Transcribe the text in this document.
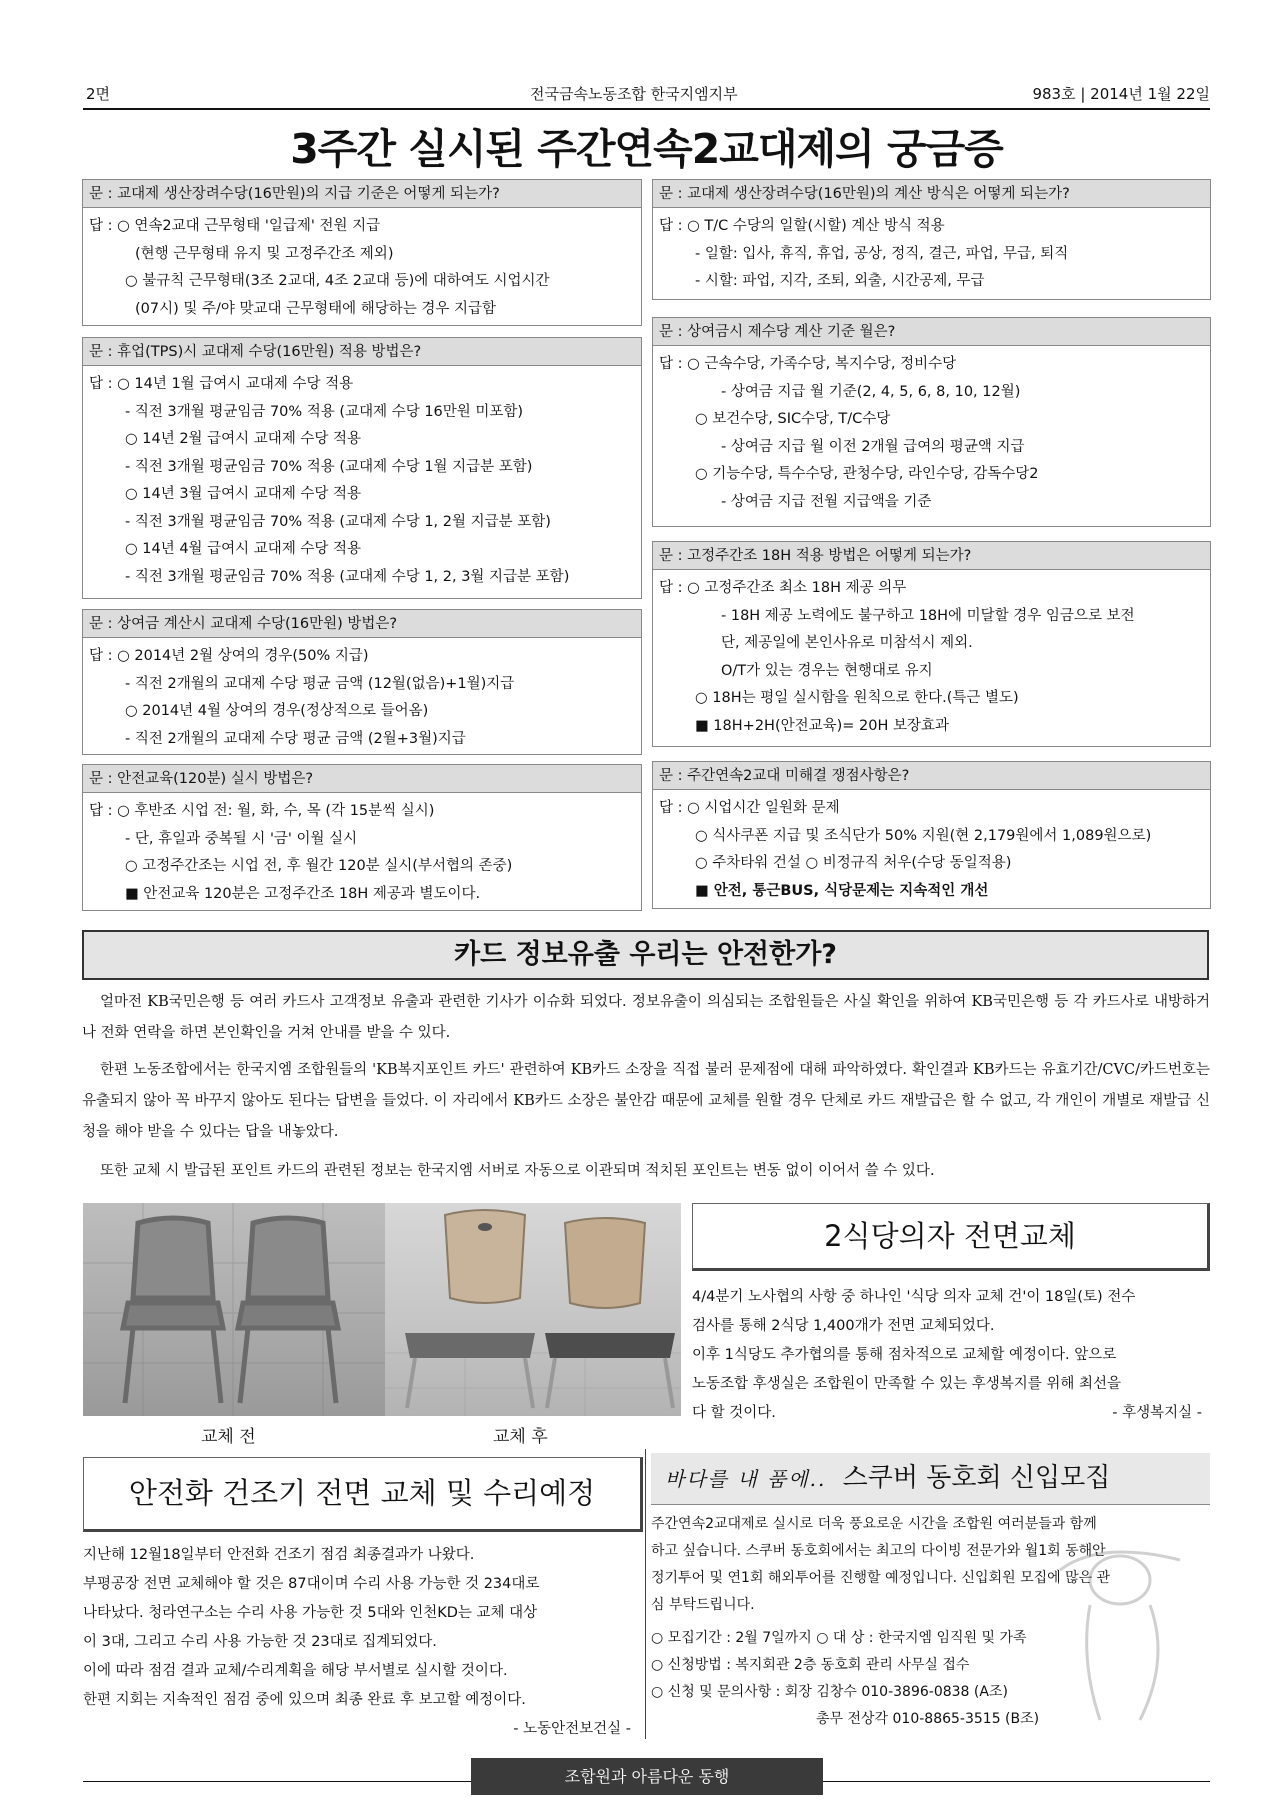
2면	전국금속노동조합 한국지엠지부	983호 | 2014년 1월 22일
3주간 실시된 주간연속2교대제의 궁금증
문 : 교대제 생산장려수당(16만원)의 지급 기준은 어떻게 되는가?
답 : ○ 연속2교대 근무형태 '일급제' 전원 지급
(현행 근무형태 유지 및 고정주간조 제외)
○ 불규칙 근무형태(3조 2교대, 4조 2교대 등)에 대하여도 시업시간
(07시) 및 주/야 맞교대 근무형태에 해당하는 경우 지급함
문 : 휴업(TPS)시 교대제 수당(16만원) 적용 방법은?
답 : ○ 14년 1월 급여시 교대제 수당 적용
- 직전 3개월 평균임금 70% 적용 (교대제 수당 16만원 미포함)
○ 14년 2월 급여시 교대제 수당 적용
- 직전 3개월 평균임금 70% 적용 (교대제 수당 1월 지급분 포함)
○ 14년 3월 급여시 교대제 수당 적용
- 직전 3개월 평균임금 70% 적용 (교대제 수당 1, 2월 지급분 포함)
○ 14년 4월 급여시 교대제 수당 적용
- 직전 3개월 평균임금 70% 적용 (교대제 수당 1, 2, 3월 지급분 포함)
문 : 상여금 계산시 교대제 수당(16만원) 방법은?
답 : ○ 2014년 2월 상여의 경우(50% 지급)
- 직전 2개월의 교대제 수당 평균 금액 (12월(없음)+1월)지급
○ 2014년 4월 상여의 경우(정상적으로 들어옴)
- 직전 2개월의 교대제 수당 평균 금액 (2월+3월)지급
문 : 안전교육(120분) 실시 방법은?
답 : ○ 후반조 시업 전: 월, 화, 수, 목 (각 15분씩 실시)
- 단, 휴일과 중복될 시 '금' 이월 실시
○ 고정주간조는 시업 전, 후 월간 120분 실시(부서협의 존중)
■ 안전교육 120분은 고정주간조 18H 제공과 별도이다.
문 : 교대제 생산장려수당(16만원)의 계산 방식은 어떻게 되는가?
답 : ○ T/C 수당의 일할(시할) 계산 방식 적용
- 일할: 입사, 휴직, 휴업, 공상, 정직, 결근, 파업, 무급, 퇴직
- 시할: 파업, 지각, 조퇴, 외출, 시간공제, 무급
문 : 상여금시 제수당 계산 기준 월은?
답 : ○ 근속수당, 가족수당, 복지수당, 정비수당
- 상여금 지급 월 기준(2, 4, 5, 6, 8, 10, 12월)
○ 보건수당, SIC수당, T/C수당
- 상여금 지급 월 이전 2개월 급여의 평균액 지급
○ 기능수당, 특수수당, 관청수당, 라인수당, 감독수당2
- 상여금 지급 전월 지급액을 기준
문 : 고정주간조 18H 적용 방법은 어떻게 되는가?
답 : ○ 고정주간조 최소 18H 제공 의무
- 18H 제공 노력에도 불구하고 18H에 미달할 경우 임금으로 보전
단, 제공일에 본인사유로 미참석시 제외.
O/T가 있는 경우는 현행대로 유지
○ 18H는 평일 실시함을 원칙으로 한다.(특근 별도)
■ 18H+2H(안전교육)= 20H 보장효과
문 : 주간연속2교대 미해결 쟁점사항은?
답 : ○ 시업시간 일원화 문제
○ 식사쿠폰 지급 및 조식단가 50% 지원(현 2,179원에서 1,089원으로)
○ 주차타워 건설 ○ 비정규직 처우(수당 동일적용)
■ 안전, 통근BUS, 식당문제는 지속적인 개선
카드 정보유출 우리는 안전한가?
얼마전 KB국민은행 등 여러 카드사 고객정보 유출과 관련한 기사가 이슈화 되었다. 정보유출이 의심되는 조합원들은 사실 확인을 위하여 KB국민은행 등 각 카드사로 내방하거나 전화 연락을 하면 본인확인을 거쳐 안내를 받을 수 있다.
한편 노동조합에서는 한국지엠 조합원들의 'KB복지포인트 카드' 관련하여 KB카드 소장을 직접 불러 문제점에 대해 파악하였다. 확인결과 KB카드는 유효기간/CVC/카드번호는 유출되지 않아 꼭 바꾸지 않아도 된다는 답변을 들었다. 이 자리에서 KB카드 소장은 불안감 때문에 교체를 원할 경우 단체로 카드 재발급은 할 수 없고, 각 개인이 개별로 재발급 신청을 해야 받을 수 있다는 답을 내놓았다.
또한 교체 시 발급된 포인트 카드의 관련된 정보는 한국지엠 서버로 자동으로 이관되며 적치된 포인트는 변동 없이 이어서 쓸 수 있다.
교체 전	교체 후
2식당의자 전면교체
4/4분기 노사협의 사항 중 하나인 '식당 의자 교체 건'이 18일(토) 전수
검사를 통해 2식당 1,400개가 전면 교체되었다.
이후 1식당도 추가협의를 통해 점차적으로 교체할 예정이다. 앞으로
노동조합 후생실은 조합원이 만족할 수 있는 후생복지를 위해 최선을
다 할 것이다.	- 후생복지실 -
안전화 건조기 전면 교체 및 수리예정
지난해 12월18일부터 안전화 건조기 점검 최종결과가 나왔다.
부평공장 전면 교체해야 할 것은 87대이며 수리 사용 가능한 것 234대로
나타났다. 청라연구소는 수리 사용 가능한 것 5대와 인천KD는 교체 대상
이 3대, 그리고 수리 사용 가능한 것 23대로 집계되었다.
이에 따라 점검 결과 교체/수리계획을 해당 부서별로 실시할 것이다.
한편 지회는 지속적인 점검 중에 있으며 최종 완료 후 보고할 예정이다.
- 노동안전보건실 -
바다를 내 품에.. 스쿠버 동호회 신입모집
주간연속2교대제로 실시로 더욱 풍요로운 시간을 조합원 여러분들과 함께
하고 싶습니다. 스쿠버 동호회에서는 최고의 다이빙 전문가와 월1회 동해안
정기투어 및 연1회 해외투어를 진행할 예정입니다. 신입회원 모집에 많은 관
심 부탁드립니다.
○ 모집기간 : 2월 7일까지 ○ 대 상 : 한국지엠 임직원 및 가족
○ 신청방법 : 복지회관 2층 동호회 관리 사무실 접수
○ 신청 및 문의사항 : 회장 김창수 010-3896-0838 (A조)
총무 전상각 010-8865-3515 (B조)
조합원과 아름다운 동행
